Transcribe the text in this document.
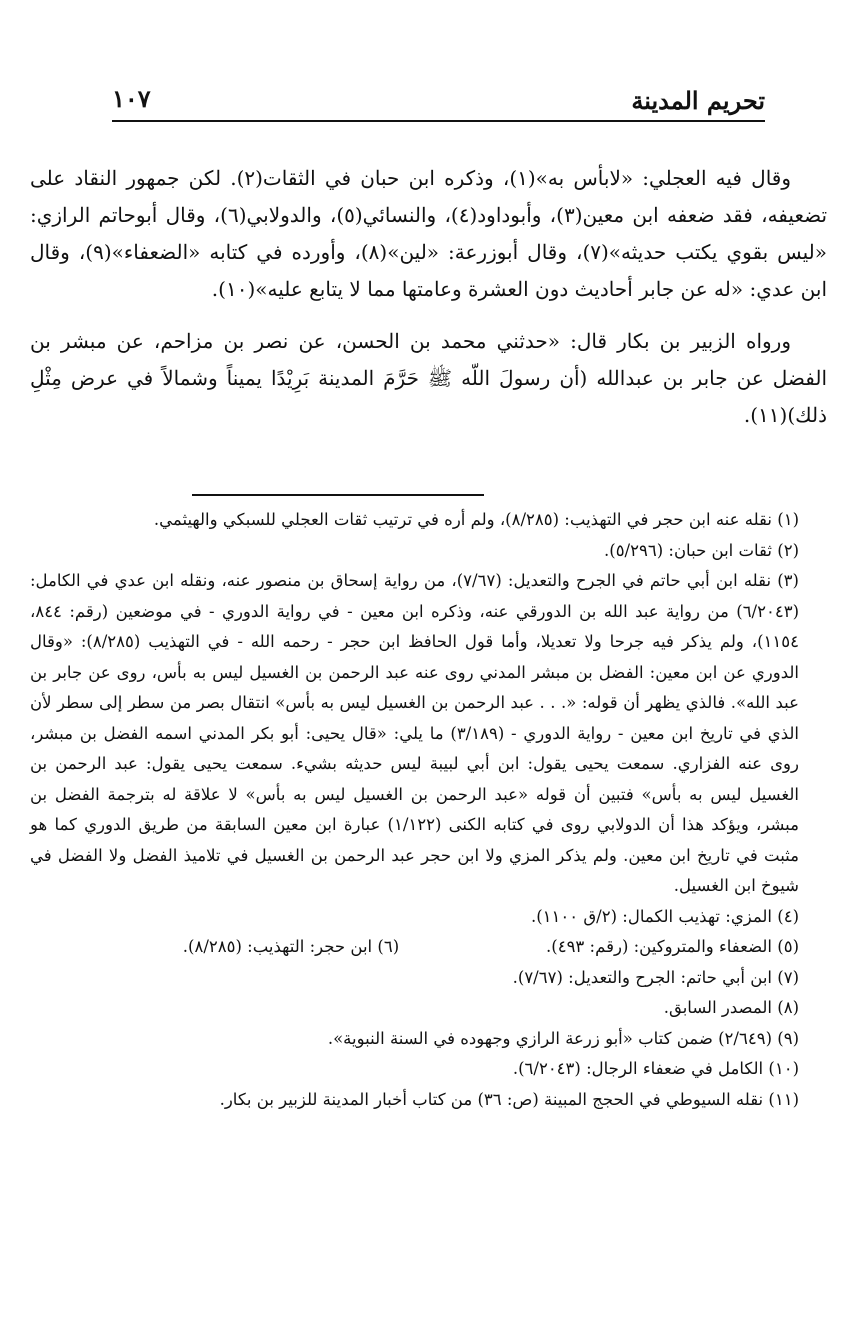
تحريم المدينة
١٠٧

وقال فيه العجلي: «لابأس به»(١)، وذكره ابن حبان في الثقات(٢). لكن جمهور النقاد على تضعيفه، فقد ضعفه ابن معين(٣)، وأبوداود(٤)، والنسائي(٥)، والدولابي(٦)، وقال أبوحاتم الرازي: «ليس بقوي يكتب حديثه»(٧)، وقال أبوزرعة: «لين»(٨)، وأورده في كتابه «الضعفاء»(٩)، وقال ابن عدي: «له عن جابر أحاديث دون العشرة وعامتها مما لا يتابع عليه»(١٠).

ورواه الزبير بن بكار قال: «حدثني محمد بن الحسن، عن نصر بن مزاحم، عن مبشر بن الفضل عن جابر بن عبدالله (أن رسولَ اللّه ﷺ حَرَّمَ المدينة بَرِيْدًا يميناً وشمالاً في عرض مِثْلِ ذلك)(١١).

(١) نقله عنه ابن حجر في التهذيب: (٨/٢٨٥)، ولم أره في ترتيب ثقات العجلي للسبكي والهيثمي.

(٢) ثقات ابن حبان: (٥/٢٩٦).

(٣) نقله ابن أبي حاتم في الجرح والتعديل: (٧/٦٧)، من رواية إسحاق بن منصور عنه، ونقله ابن عدي في الكامل: (٦/٢٠٤٣) من رواية عبد الله بن الدورقي عنه، وذكره ابن معين - في رواية الدوري - في موضعين (رقم: ٨٤٤، ١١٥٤)، ولم يذكر فيه جرحا ولا تعديلا، وأما قول الحافظ ابن حجر - رحمه الله - في التهذيب (٨/٢٨٥): «وقال الدوري عن ابن معين: الفضل بن مبشر المدني روى عنه عبد الرحمن بن الغسيل ليس به بأس، روى عن جابر بن عبد الله». فالذي يظهر أن قوله: «. . . عبد الرحمن بن الغسيل ليس به بأس» انتقال بصر من سطر إلى سطر لأن الذي في تاريخ ابن معين - رواية الدوري - (٣/١٨٩) ما يلي: «قال يحيى: أبو بكر المدني اسمه الفضل بن مبشر، روى عنه الفزاري. سمعت يحيى يقول: ابن أبي لبيبة ليس حديثه بشيء. سمعت يحيى يقول: عبد الرحمن بن الغسيل ليس به بأس» فتبين أن قوله «عبد الرحمن بن الغسيل ليس به بأس» لا علاقة له بترجمة الفضل بن مبشر، ويؤكد هذا أن الدولابي روى في كتابه الكنى (١/١٢٢) عبارة ابن معين السابقة من طريق الدوري كما هو مثبت في تاريخ ابن معين. ولم يذكر المزي ولا ابن حجر عبد الرحمن بن الغسيل في تلاميذ الفضل ولا الفضل في شيوخ ابن الغسيل.

(٤) المزي: تهذيب الكمال: (٢/ق ١١٠٠).

(٥) الضعفاء والمتروكين: (رقم: ٤٩٣).
(٦) ابن حجر: التهذيب: (٨/٢٨٥).

(٧) ابن أبي حاتم: الجرح والتعديل: (٧/٦٧).

(٨) المصدر السابق.

(٩) (٢/٦٤٩) ضمن كتاب «أبو زرعة الرازي وجهوده في السنة النبوية».

(١٠) الكامل في ضعفاء الرجال: (٦/٢٠٤٣).

(١١) نقله السيوطي في الحجج المبينة (ص: ٣٦) من كتاب أخبار المدينة للزبير بن بكار.
